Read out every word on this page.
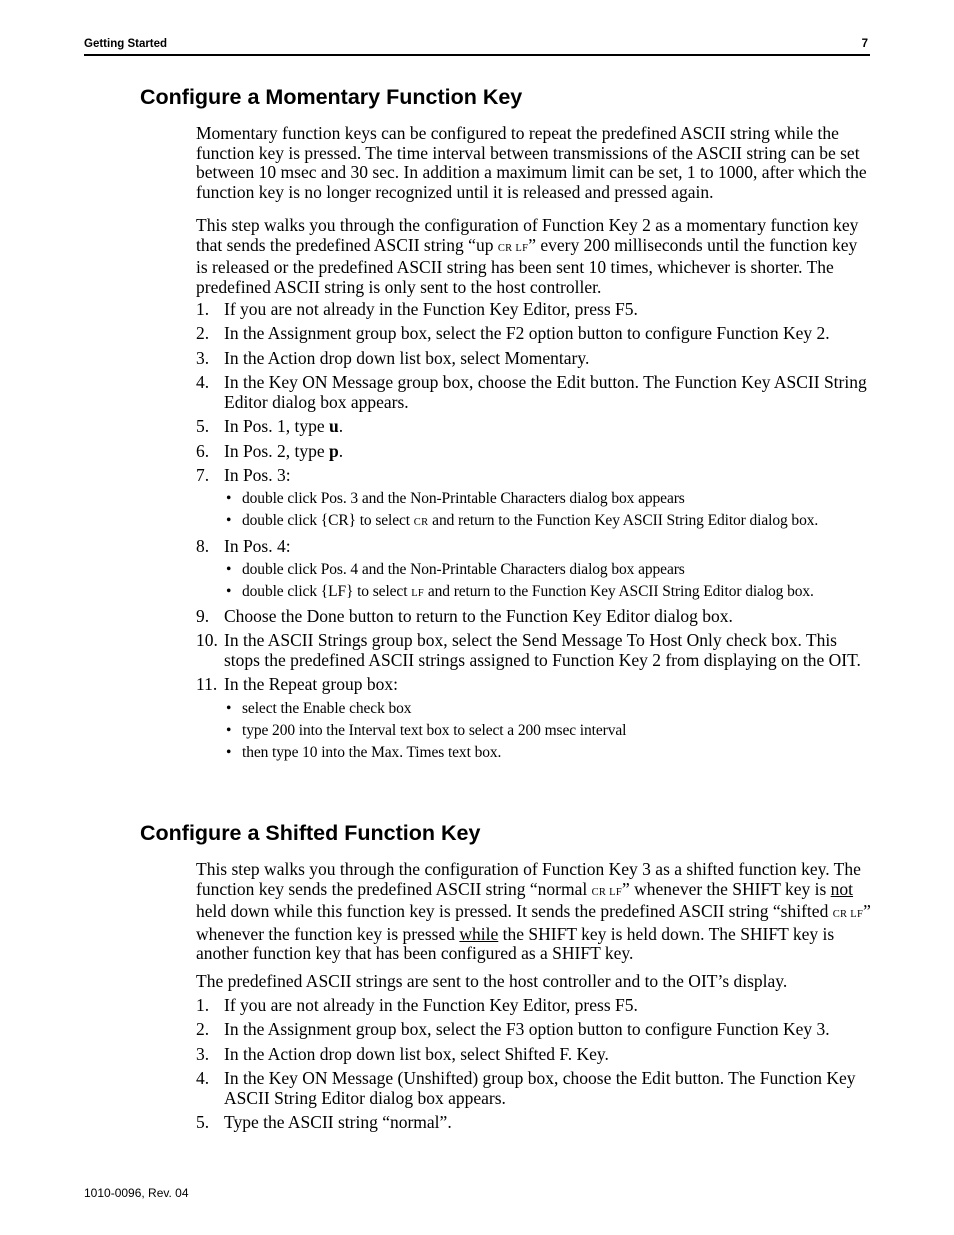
Getting Started	7
Configure a Momentary Function Key

Momentary function keys can be configured to repeat the predefined ASCII string while the function key is pressed. The time interval between transmissions of the ASCII string can be set between 10 msec and 30 sec. In addition a maximum limit can be set, 1 to 1000, after which the function key is no longer recognized until it is released and pressed again.

This step walks you through the configuration of Function Key 2 as a momentary function key that sends the predefined ASCII string “up CR LF” every 200 milliseconds until the function key is released or the predefined ASCII string has been sent 10 times, whichever is shorter. The predefined ASCII string is only sent to the host controller.

1. If you are not already in the Function Key Editor, press F5.
2. In the Assignment group box, select the F2 option button to configure Function Key 2.
3. In the Action drop down list box, select Momentary.
4. In the Key ON Message group box, choose the Edit button. The Function Key ASCII String Editor dialog box appears.
5. In Pos. 1, type u.
6. In Pos. 2, type p.
7. In Pos. 3:
• double click Pos. 3 and the Non-Printable Characters dialog box appears
• double click {CR} to select CR and return to the Function Key ASCII String Editor dialog box.
8. In Pos. 4:
• double click Pos. 4 and the Non-Printable Characters dialog box appears
• double click {LF} to select LF and return to the Function Key ASCII String Editor dialog box.
9. Choose the Done button to return to the Function Key Editor dialog box.
10. In the ASCII Strings group box, select the Send Message To Host Only check box. This stops the predefined ASCII strings assigned to Function Key 2 from displaying on the OIT.
11. In the Repeat group box:
• select the Enable check box
• type 200 into the Interval text box to select a 200 msec interval
• then type 10 into the Max. Times text box.
Configure a Shifted Function Key

This step walks you through the configuration of Function Key 3 as a shifted function key. The function key sends the predefined ASCII string “normal CR LF” whenever the SHIFT key is not held down while this function key is pressed. It sends the predefined ASCII string “shifted CR LF” whenever the function key is pressed while the SHIFT key is held down. The SHIFT key is another function key that has been configured as a SHIFT key.

The predefined ASCII strings are sent to the host controller and to the OIT’s display.

1. If you are not already in the Function Key Editor, press F5.
2. In the Assignment group box, select the F3 option button to configure Function Key 3.
3. In the Action drop down list box, select Shifted F. Key.
4. In the Key ON Message (Unshifted) group box, choose the Edit button. The Function Key ASCII String Editor dialog box appears.
5. Type the ASCII string “normal”.
1010-0096, Rev. 04
